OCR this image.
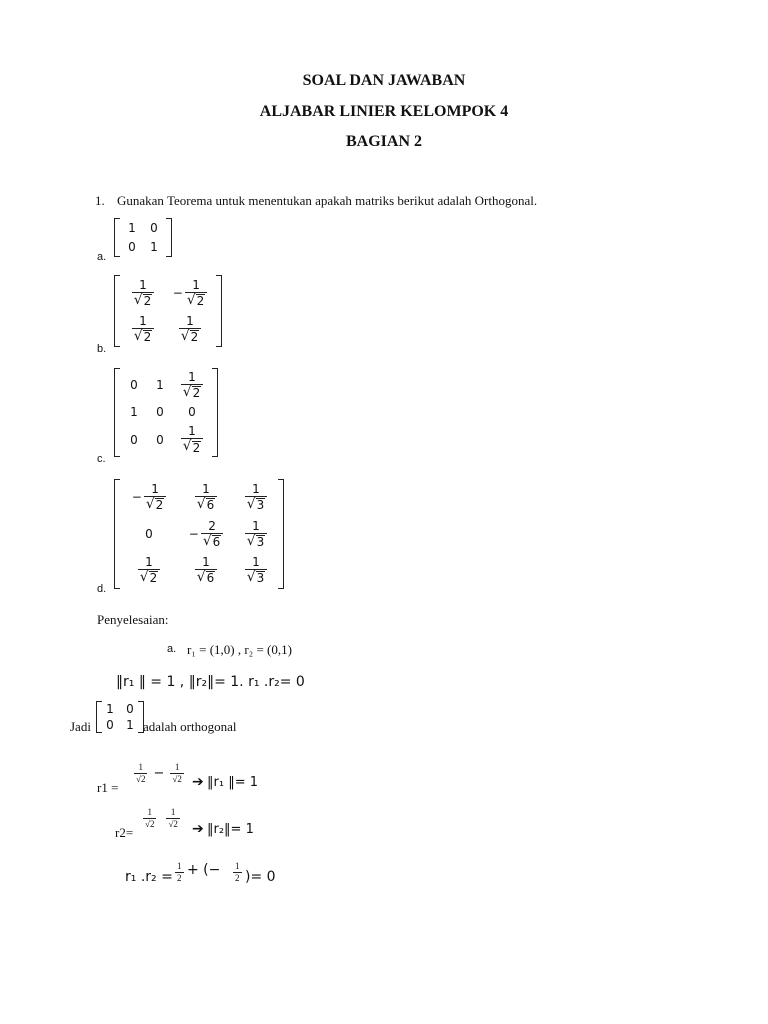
SOAL DAN JAWABAN
ALJABAR LINIER KELOMPOK 4
BAGIAN 2
1. Gunakan Teorema untuk menentukan apakah matriks berikut adalah Orthogonal.
a.
1 0
0 1
b.
$\frac{1}{√ 2} - \frac{1}{√ 2}$
$\frac{1}{√ 2} \frac{1}{√ 2}$
c.
0 $1 \frac{1}{√ 2}$
1 0 0
0 $0 \frac{1}{√ 2}$
d.
− $\frac{1}{√ 2} \frac{1}{√ 6} \frac{1}{√ 3}$
0	− $\frac{2}{√ 6} \frac{1}{√ 3}$
$\frac{1}{√ 2}$	$\frac{1}{√ 6} \frac{1}{√ 3}$
Penyelesaian:
a. r₁ = (1,0) , r₂ = (0,1)
‖r₁ ‖ = 1 , ‖r₂‖= 1. r₁ .r₂= 0
Jadi
1 0
0 1 adalah orthogonal
r1 =
$\frac{1}{√2} - \frac{1}{√2}$ ➔ ‖r₁ ‖= 1
r2=
$\frac{1}{√2} \frac{1}{√2}$ ➔ ‖r₂‖= 1
r₁ $.r_2 = \frac{1}{2}$ + (− $\frac{1}{2}$ )= 0
